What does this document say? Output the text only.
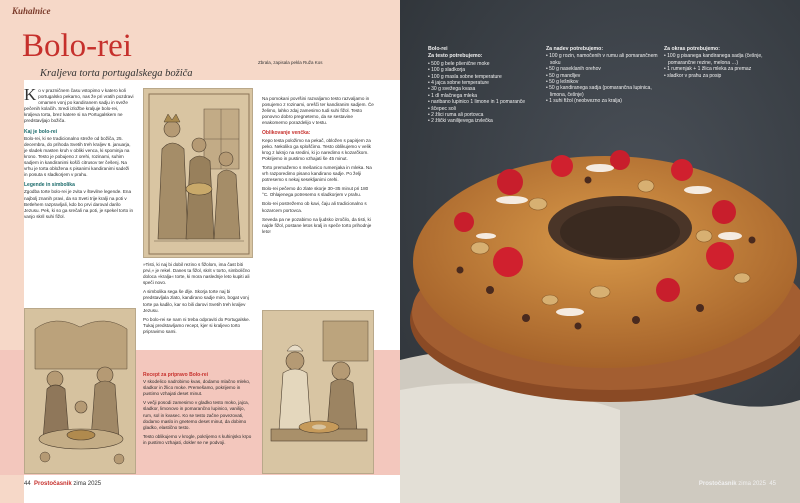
Kuhalnice
Bolo-rei
Kraljeva torta portugalskega božiča
Zbrala, zapisala pekla Ruža Kos

Ko v prazničnem času vstopimo v katero koli portugalsko pekarno, nas že pri vratih pozdravi omamen vonj po kandiranem sadju in sveže pečenih kolačih. Sredi izložbe kraljuje bolo-rei, kraljeva torta, brez katere si na Portugalskem ne predstavljajo božiča.

Kaj je bolo-rei

Bolo-rei, ki se tradicionalno streže od božiča, 25. decembra, do prihoda Svetih treh kraljev 6. januarja, je sladek masten kruh v obliki venca, ki spominja na krono. Testo je pobujeno z orehi, rozinami, suhim sadjem in kandiranimi košči citrusov ter češenj. Na vrhu je torta obložena s pisanimi kandiranimi sadeži in posuta s sladkorjem v prahu.

Legende in simbolika

Zgodba torte bolo-rei je zvita v številne legende. Ena najbolj znanih pravi, da so Sveti trije kralji na poti v Betlehem razpravljali, kdo bo prvi daroval darilo Jezusu. Pek, ki so ga srečali na poti, je spekel torto in vanjo skril suhi fižol.

»Tisti, ki naj bi dobil rezino s fižolom, ima čast biti prvi,« je rekel. Danes ta fižol, skrit v torto, simbolično doloca »kralja« torte, ki mora naslednje leto kupiti ali speči novo.

A simbolika sega še dlje. Skorja torte naj bi predstavljala zlato, kandirano sadje mirо, bogat vonj torte pa kadilo, kar so bili darovi Svetih treh kraljev Jezusu.

Po bolo-rei se nam ni treba odpraviti do Portugalske. Tukaj predstavljamo recept, kjer si kraljevo torto pripravimo sami.

Na pomokani površini razvaljamo testo razvaljamo in posujemo z rozinami, orešči ter kandiranim sadjem. Če želimo, lahko zdaj zamesimo tudi suhi fižol. Testo ponovno dobro pregnetemo, da se sestavine enakomerno porazdelijo v testu.

Oblikovanje venčka:

Kepo testa položimo na pekač, obložen s papirjem za peko. Nekoliko ga sploščimo. Testo oblikujemo v velik krog z luknjo na sredini, ki jo naredimo s kozarčkom. Pokrijemo in pustimo vzhajati še 45 minut.

Torto premažemo s mešanico rumenjaka in mleka. Na vrh razporedimo pisano kandirano sadje. Po želji potresemo s nekaj sesekljanimi orehi.

Bolo-rei pečemo do zlate skorje 30–35 minut pri 180 °C. Ohlajenega potresemo s sladkorjem v prahu.

Bolo-rei postrežemo ob kavi, čaju ali tradicionalno s kozarcem portovca.

Seveda pa ne pozabimo na ljudsko izročilo, da tisti, ki najde fižol, postane letos kralj in speče torto prihodnje leto!

Recept za pripravo Bolo-rei

V skodelico nadrobimo kvas, dodamo mlačno mleko, sladkor in žlico moke. Premešamo, pokrijemo in pustimo vzhajati deset minut.

V večji posodi zamesimo v gladko testo moko, jajca, sladkor, limonovo in pomarančno lupinico, vanilijo, rum, sol in kvasec. Ko se testo začne povezovati, dodamo maslo in gnetemo deset minut, da dobimo gladko, elastično testo.

Testo oblikujemo v krogle, pokrijemo s kuhinjsko krpo in pustimo vzhajati, dokler se ne podvoji.

44 Prostočasnik zima 2025
Bolo-rei
Za testo potrebujemo:
• 500 g bele pšenične moke
• 100 g sladkorja
• 100 g masla sobne temperature
• 4 jajca sobne temperature
• 30 g svežega kvasa
• 1 dl mlačnega mleka
• naribano lupinico 1 limone in 1 pomaranče
• ščepec soli
• 2 žlici ruma ali portovca
• 2 žlički vanilijevega izvlečka
Za nadev potrebujemo:
• 100 g rozin, namočenih v rumu ali pomarančnem soku
• 50 g naseklanih orehov
• 50 g mandljev
• 50 g lešnikov
• 50 g kandiranega sadja (pomarančna lupinica, limona, češnje)
• 1 suhi fižol (neobvezno za kralja)
Za okras potrebujemo:
• 100 g pisanega kandiranega sadja (češnje, pomarančne rezine, melona …)
• 1 rumenjak + 1 žlica mleka za premaz
• sladkor v prahu za posip
Prostočasnik zima 2025 45
